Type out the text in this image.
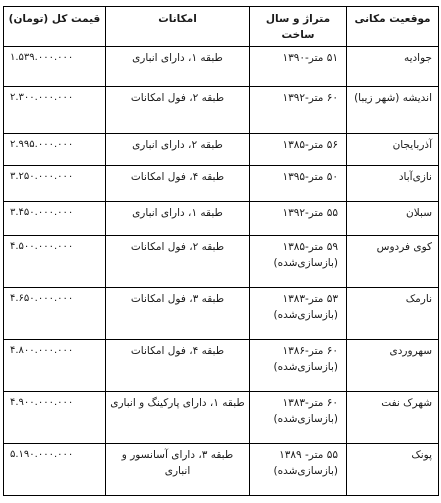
موقعیت مکانی	متراژ و سال ساخت	امکانات	قیمت کل (تومان)
جوادیه	۵۱ متر-۱۳۹۰	طبقه ۱، دارای انباری	۱.۵۳۹.۰۰۰.۰۰۰
اندیشه (شهر زیبا)	۶۰ متر-۱۳۹۲	طبقه ۲، فول امکانات	۲.۳۰۰.۰۰۰.۰۰۰
آذربایجان	۵۶ متر-۱۳۸۵	طبقه ۲، دارای انباری	۲.۹۹۵.۰۰۰.۰۰۰
نازی‌آباد	۵۰ متر-۱۳۹۵	طبقه ۴، فول امکانات	۳.۲۵۰.۰۰۰.۰۰۰
سبلان	۵۵ متر-۱۳۹۲	طبقه ۱، دارای انباری	۳.۴۵۰.۰۰۰.۰۰۰
کوی فردوس	۵۹ متر-۱۳۸۵ (بازسازی‌شده)	طبقه ۲، فول امکانات	۴.۵۰۰.۰۰۰.۰۰۰
نارمک	۵۳ متر-۱۳۸۳ (بازسازی‌شده)	طبقه ۳، فول امکانات	۴.۶۵۰.۰۰۰.۰۰۰
سهروردی	۶۰ متر-۱۳۸۶ (بازسازی‌شده)	طبقه ۴، فول امکانات	۴.۸۰۰.۰۰۰.۰۰۰
شهرک نفت	۶۰ متر-۱۳۸۳ (بازسازی‌شده)	طبقه ۱، دارای پارکینگ و انباری	۴.۹۰۰.۰۰۰.۰۰۰
پونک	۵۵ متر- ۱۳۸۹ (بازسازی‌شده)	طبقه ۳، دارای آسانسور و انباری	۵.۱۹۰.۰۰۰.۰۰۰
